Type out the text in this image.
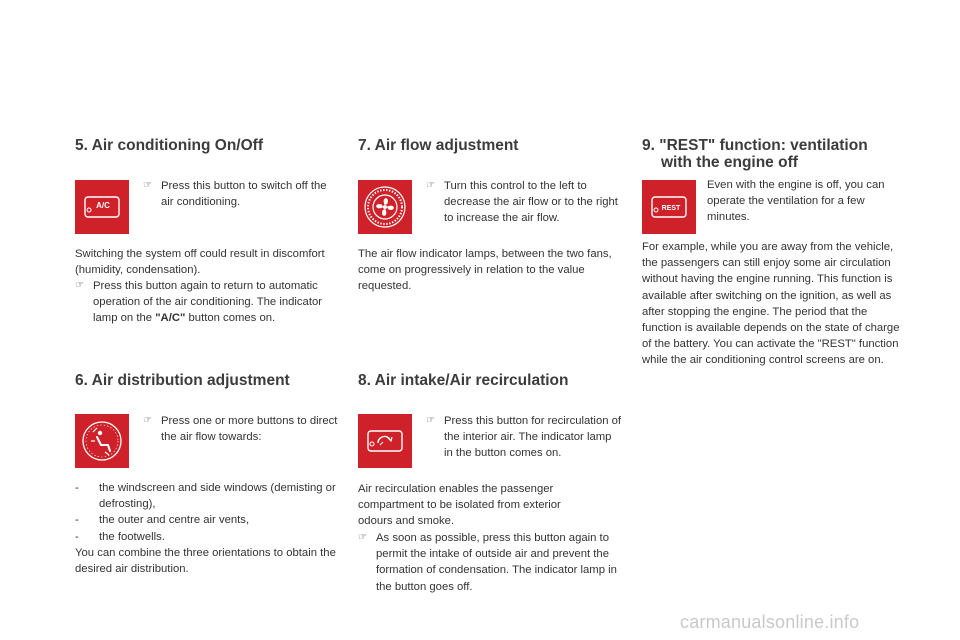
5. Air conditioning On/Off
A/C
☞ Press this button to switch off the air conditioning.

Switching the system off could result in discomfort (humidity, condensation).

☞ Press this button again to return to automatic operation of the air conditioning. The indicator lamp on the "A/C" button comes on.

6. Air distribution adjustment
☞ Press one or more buttons to direct the air flow towards:

-	the windscreen and side windows (demisting or defrosting),

-	the outer and centre air vents,

-	the footwells.

You can combine the three orientations to obtain the desired air distribution.

7. Air flow adjustment
☞ Turn this control to the left to decrease the air flow or to the right to increase the air flow.

The air flow indicator lamps, between the two fans, come on progressively in relation to the value requested.

8. Air intake/Air recirculation
☞ Press this button for recirculation of the interior air. The indicator lamp in the button comes on.

Air recirculation enables the passenger compartment to be isolated from exterior odours and smoke.

☞ As soon as possible, press this button again to permit the intake of outside air and prevent the formation of condensation. The indicator lamp in the button goes off.

9. "REST" function: ventilation
with the engine off
REST

Even with the engine is off, you can operate the ventilation for a few minutes.

For example, while you are away from the vehicle, the passengers can still enjoy some air circulation without having the engine running. This function is available after switching on the ignition, as well as after stopping the engine. The period that the function is available depends on the state of charge of the battery. You can activate the "REST" function while the air conditioning control screens are on.

carmanualsonline.info
